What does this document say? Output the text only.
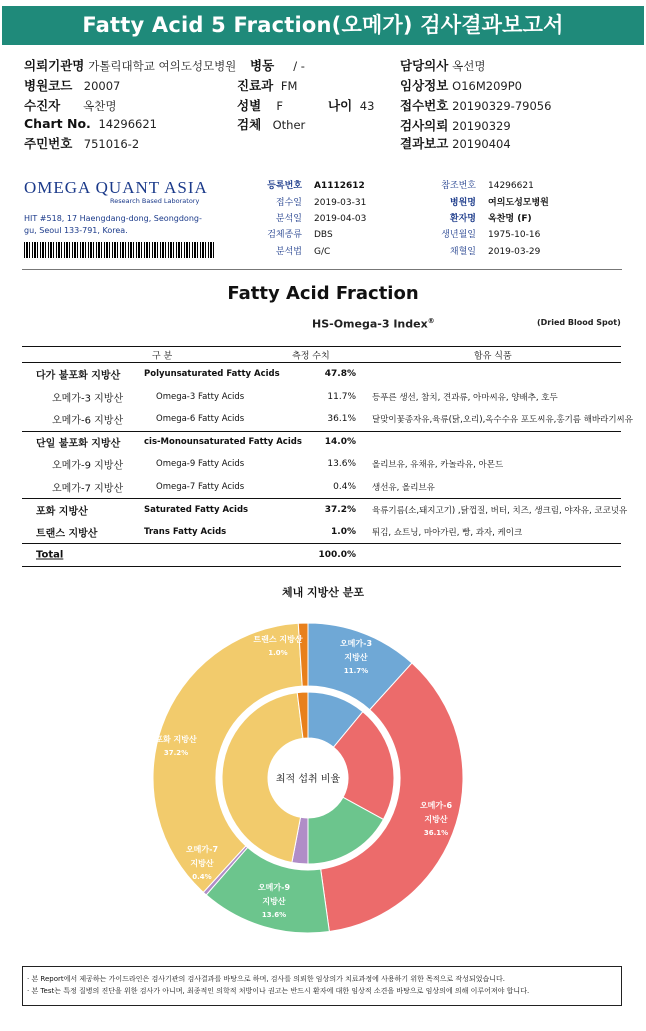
Fatty Acid 5 Fraction(오메가) 검사결과보고서
의뢰기관명 가톨릭대학교 여의도성모병원 병동 / -	담당의사 옥선명
병원코드 20007	진료과 FM	임상정보 O16M209P0
수진자 옥찬명	성별 F	나이 43 접수번호 20190329-79056
Chart No. 14296621	검체 Other	검사의뢰 20190329
주민번호 751016-2	결과보고 20190404
OMEGA QUANT ASIA
Research Based Laboratory
HIT #518, 17 Haengdang-dong, Seongdong-gu, Seoul 133-791, Korea.
등록번호 A1112612
접수일 2019-03-31
분석일 2019-04-03
검체종류 DBS
분석법 G/C
참조번호 14296621
병원명 여의도성모병원
환자명 옥찬명 (F)
생년월일 1975-10-16
채혈일 2019-03-29
Fatty Acid Fraction
HS-Omega-3 Index®	(Dried Blood Spot)
구 분	측정 수치	함유 식품
다가 불포화 지방산	Polyunsaturated Fatty Acids	47.8%
오메가-3 지방산	Omega-3 Fatty Acids	11.7% 등푸른 생선, 참치, 견과류, 아마씨유, 양배추, 호두
오메가-6 지방산	Omega-6 Fatty Acids	36.1% 달맞이꽃종자유,육류(닭,오리),옥수수유 포도씨유,홍기름 해바라기씨유
단일 불포화 지방산	cis-Monounsaturated Fatty Acids	14.0%
오메가-9 지방산	Omega-9 Fatty Acids	13.6% 올리브유, 유채유, 카놀라유, 아몬드
오메가-7 지방산	Omega-7 Fatty Acids	0.4% 생선유, 올리브유
포화 지방산	Saturated Fatty Acids	37.2% 육류기름(소,돼지고기) ,닭껍질, 버터, 치즈, 생크림, 야자유, 코코넛유
트랜스 지방산	Trans Fatty Acids	1.0% 튀김, 쇼트닝, 마아가린, 빵, 과자, 케이크
Total	100.0%
체내 지방산 분포
최적 섭취 비율
오메가-3 지방산 11.7%
오메가-6 지방산 36.1%
오메가-9 지방산 13.6%
오메가-7 지방산 0.4%
포화 지방산 37.2%
트랜스 지방산 1.0%
· 본 Report에서 제공하는 가이드라인은 검사기관의 검사결과를 바탕으로 하며, 검사를 의뢰한 임상의가 치료과정에 사용하기 위한 목적으로 작성되었습니다.
· 본 Test는 특정 질병의 진단을 위한 검사가 아니며, 최종적인 의학적 처방이나 권고는 반드시 환자에 대한 임상적 소견을 바탕으로 임상의에 의해 이루어져야 합니다.
